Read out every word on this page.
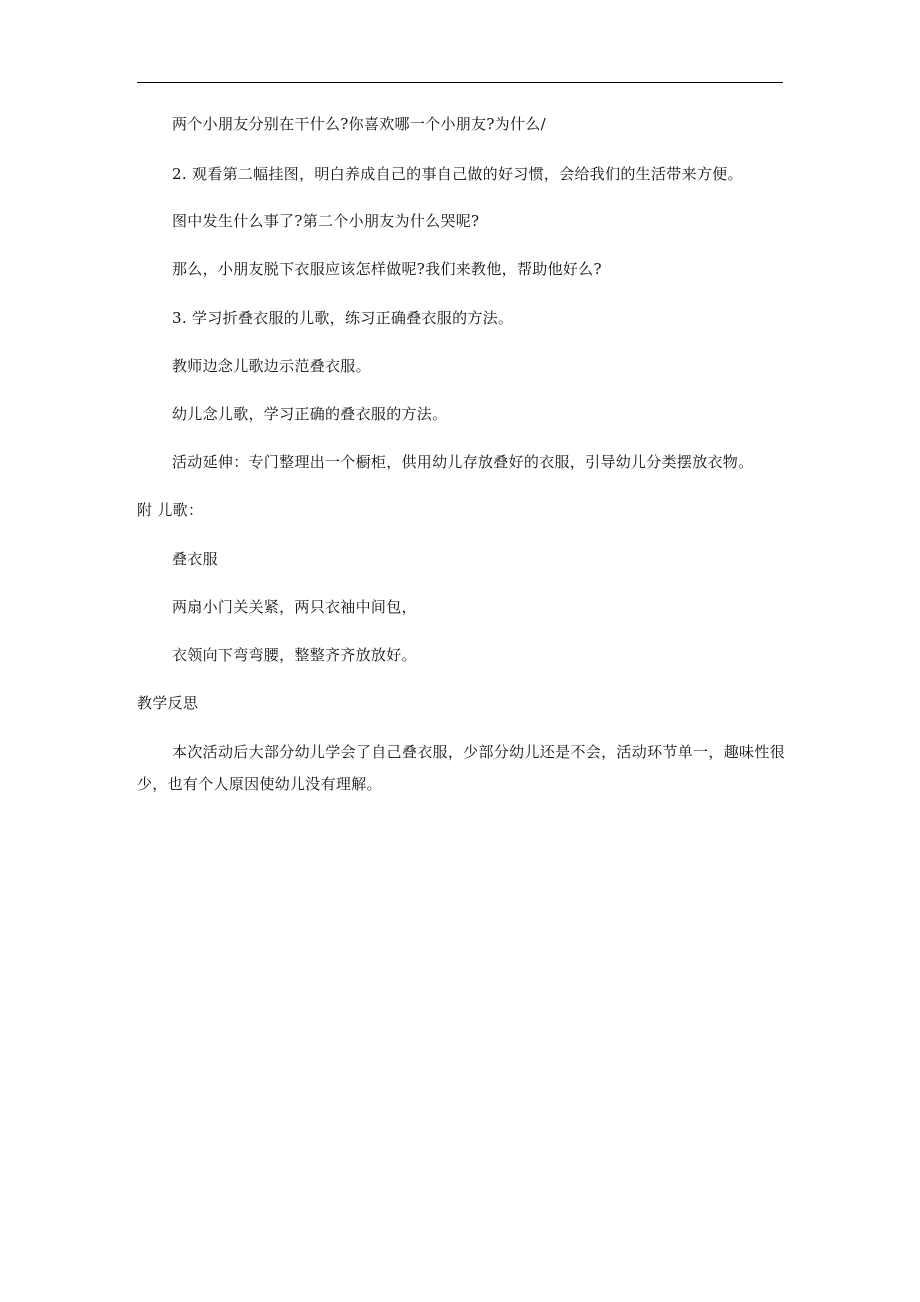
两个小朋友分别在干什么?你喜欢哪一个小朋友?为什么/
2. 观看第二幅挂图，明白养成自己的事自己做的好习惯，会给我们的生活带来方便。
图中发生什么事了?第二个小朋友为什么哭呢?
那么，小朋友脱下衣服应该怎样做呢?我们来教他，帮助他好么?
3. 学习折叠衣服的儿歌，练习正确叠衣服的方法。
教师边念儿歌边示范叠衣服。
幼儿念儿歌，学习正确的叠衣服的方法。
活动延伸：专门整理出一个橱柜，供用幼儿存放叠好的衣服，引导幼儿分类摆放衣物。
附 儿歌：
叠衣服
两扇小门关关紧，两只衣袖中间包，
衣领向下弯弯腰，整整齐齐放放好。
教学反思
本次活动后大部分幼儿学会了自己叠衣服，少部分幼儿还是不会，活动环节单一，趣味性很少，也有个人原因使幼儿没有理解。
